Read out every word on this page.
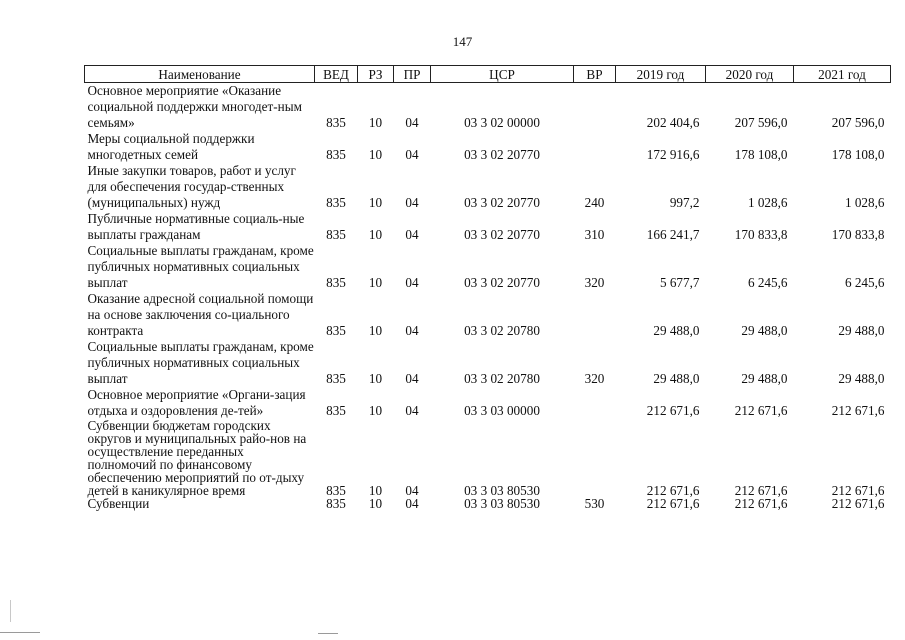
147
Наименование	ВЕД	РЗ	ПР	ЦСР	ВР	2019 год	2020 год	2021 год
Основное мероприятие «Оказание социальной поддержки многодет-ным семьям»	835	10	04	03 3 02 00000		202 404,6	207 596,0	207 596,0
Меры социальной поддержки многодетных семей	835	10	04	03 3 02 20770		172 916,6	178 108,0	178 108,0
Иные закупки товаров, работ и услуг для обеспечения государ-ственных (муниципальных) нужд	835	10	04	03 3 02 20770	240	997,2	1 028,6	1 028,6
Публичные нормативные социаль-ные выплаты гражданам	835	10	04	03 3 02 20770	310	166 241,7	170 833,8	170 833,8
Социальные выплаты гражданам, кроме публичных нормативных социальных выплат	835	10	04	03 3 02 20770	320	5 677,7	6 245,6	6 245,6
Оказание адресной социальной помощи на основе заключения со-циального контракта	835	10	04	03 3 02 20780		29 488,0	29 488,0	29 488,0
Социальные выплаты гражданам, кроме публичных нормативных социальных выплат	835	10	04	03 3 02 20780	320	29 488,0	29 488,0	29 488,0
Основное мероприятие «Органи-зация отдыха и оздоровления де-тей»	835	10	04	03 3 03 00000		212 671,6	212 671,6	212 671,6
Субвенции бюджетам городских округов и муниципальных райо-нов на осуществление переданных полномочий по финансовому обеспечению мероприятий по от-дыху детей в каникулярное время	835	10	04	03 3 03 80530		212 671,6	212 671,6	212 671,6
Субвенции	835	10	04	03 3 03 80530	530	212 671,6	212 671,6	212 671,6
